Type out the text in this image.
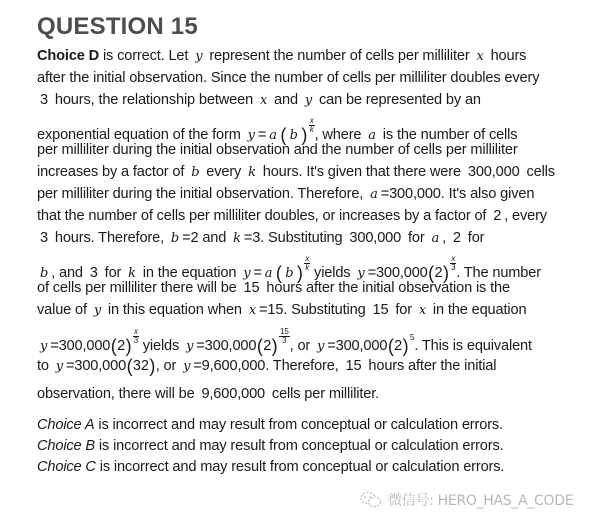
QUESTION 15
Choice D is correct. Let y represent the number of cells per milliliter x hours
after the initial observation. Since the number of cells per milliliter doubles every
3 hours, the relationship between x and y can be represented by an
exponential equation of the form y = a ( b ) $\frac{x}{k}$
, where a is the number of cells
per milliliter during the initial observation and the number of cells per milliliter
increases by a factor of b every k hours. It's given that there were 300,000 cells
per milliliter during the initial observation. Therefore, a =300,000. It's also given
that the number of cells per milliliter doubles, or increases by a factor of 2 , every
3 hours. Therefore, b =2 and k =3. Substituting 300,000 for a , 2 for
b , and 3 for k in the equation y = a ( b ) $\frac{x}{k}$
yields $y =300,000(2) \frac{x}{3}$
. The number
of cells per milliliter there will be 15 hours after the initial observation is the
value of y in this equation when x =15. Substituting 15 for x in the equation
$y =300,000(2) \frac{x}{3}$
yields $y =300,000(2) \frac{15}{3}$
, or y =300,000(2) $^5$. This is equivalent
to y =300,000(32), or y =9,600,000. Therefore, 15 hours after the initial
observation, there will be 9,600,000 cells per milliliter.
Choice A is incorrect and may result from conceptual or calculation errors.
Choice B is incorrect and may result from conceptual or calculation errors.
Choice C is incorrect and may result from conceptual or calculation errors.
微信号: HERO_HAS_A_CODE
